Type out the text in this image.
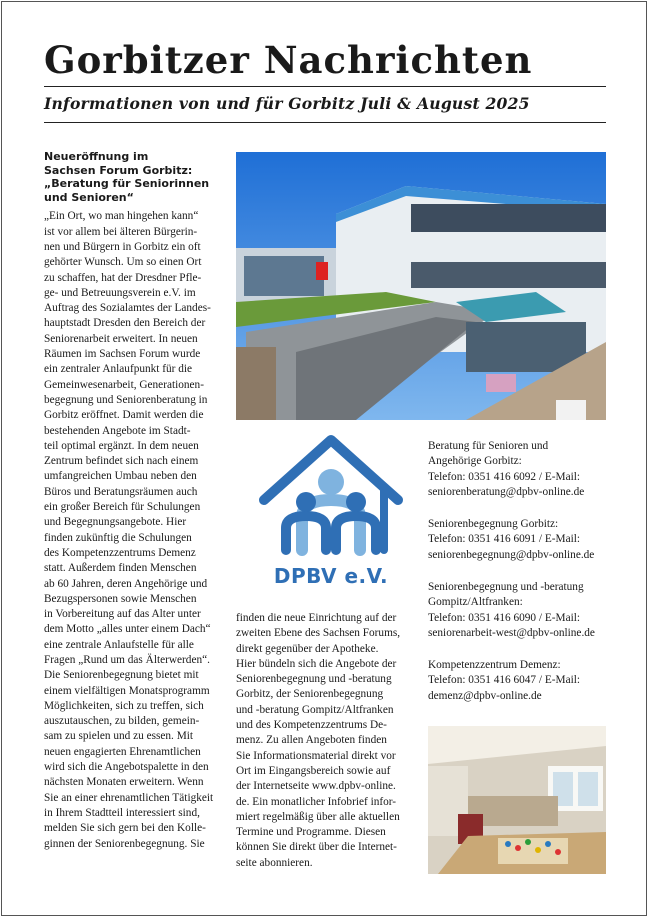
Gorbitzer Nachrichten
Informationen von und für Gorbitz Juli & August 2025

Neueröffnung im
Sachsen Forum Gorbitz:
„Beratung für Seniorinnen
und Senioren“

„Ein Ort, wo man hingehen kann“
ist vor allem bei älteren Bürgerin-
nen und Bürgern in Gorbitz ein oft
gehörter Wunsch. Um so einen Ort
zu schaffen, hat der Dresdner Pfle-
ge- und Betreuungsverein e.V. im
Auftrag des Sozialamtes der Landes-
hauptstadt Dresden den Bereich der
Seniorenarbeit erweitert. In neuen
Räumen im Sachsen Forum wurde
ein zentraler Anlaufpunkt für die
Gemeinwesenarbeit, Generationen-
begegnung und Seniorenberatung in
Gorbitz eröffnet. Damit werden die
bestehenden Angebote im Stadt-
teil optimal ergänzt. In dem neuen
Zentrum befindet sich nach einem
umfangreichen Umbau neben den
Büros und Beratungsräumen auch
ein großer Bereich für Schulungen
und Begegnungsangebote. Hier
finden zukünftig die Schulungen
des Kompetenzzentrums Demenz
statt. Außerdem finden Menschen
ab 60 Jahren, deren Angehörige und
Bezugspersonen sowie Menschen
in Vorbereitung auf das Alter unter
dem Motto „alles unter einem Dach“
eine zentrale Anlaufstelle für alle
Fragen „Rund um das Älterwerden“.
Die Seniorenbegegnung bietet mit
einem vielfältigen Monatsprogramm
Möglichkeiten, sich zu treffen, sich
auszutauschen, zu bilden, gemein-
sam zu spielen und zu essen. Mit
neuen engagierten Ehrenamtlichen
wird sich die Angebotspalette in den
nächsten Monaten erweitern. Wenn
Sie an einer ehrenamtlichen Tätigkeit
in Ihrem Stadtteil interessiert sind,
melden Sie sich gern bei den Kolle-
ginnen der Seniorenbegegnung. Sie
DPBV e.V.
finden die neue Einrichtung auf der
zweiten Ebene des Sachsen Forums,
direkt gegenüber der Apotheke.
Hier bündeln sich die Angebote der
Seniorenbegegnung und -beratung
Gorbitz, der Seniorenbegegnung
und -beratung Gompitz/Altfranken
und des Kompetenzzentrums De-
menz. Zu allen Angeboten finden
Sie Informationsmaterial direkt vor
Ort im Eingangsbereich sowie auf
der Internetseite www.dpbv-online.
de. Ein monatlicher Infobrief infor-
miert regelmäßig über alle aktuellen
Termine und Programme. Diesen
können Sie direkt über die Internet-
seite abonnieren.
Beratung für Senioren und
Angehörige Gorbitz:
Telefon: 0351 416 6092 / E-Mail:
seniorenberatung@dpbv-online.de
Seniorenbegegnung Gorbitz:
Telefon: 0351 416 6091 / E-Mail:
seniorenbegegnung@dpbv-online.de
Seniorenbegegnung und -beratung
Gompitz/Altfranken:
Telefon: 0351 416 6090 / E-Mail:
seniorenarbeit-west@dpbv-online.de
Kompetenzzentrum Demenz:
Telefon: 0351 416 6047 / E-Mail:
demenz@dpbv-online.de
